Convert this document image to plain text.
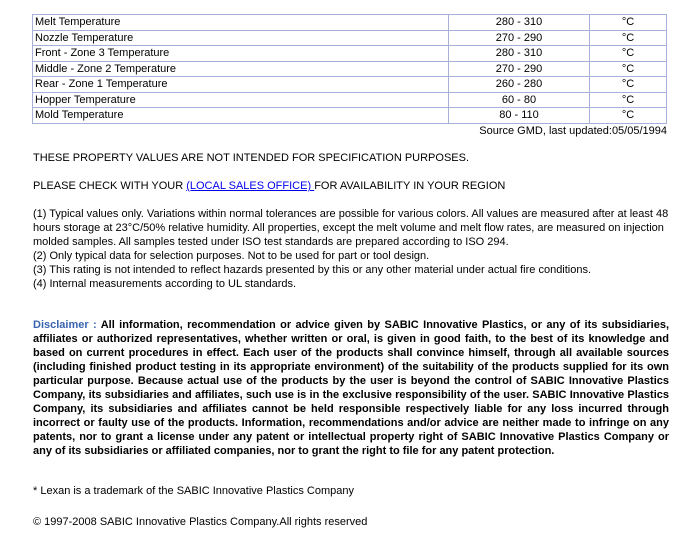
Melt Temperature	280 - 310	°C
Nozzle Temperature	270 - 290	°C
Front - Zone 3 Temperature	280 - 310	°C
Middle - Zone 2 Temperature	270 - 290	°C
Rear - Zone 1 Temperature	260 - 280	°C
Hopper Temperature	60 - 80	°C
Mold Temperature	80 - 110	°C
Source GMD, last updated:05/05/1994
THESE PROPERTY VALUES ARE NOT INTENDED FOR SPECIFICATION PURPOSES.
PLEASE CHECK WITH YOUR (LOCAL SALES OFFICE) FOR AVAILABILITY IN YOUR REGION

(1) Typical values only. Variations within normal tolerances are possible for various colors. All values are measured after at least 48 hours storage at 23°C/50% relative humidity. All properties, except the melt volume and melt flow rates, are measured on injection molded samples. All samples tested under ISO test standards are prepared according to ISO 294.

(2) Only typical data for selection purposes. Not to be used for part or tool design.

(3) This rating is not intended to reflect hazards presented by this or any other material under actual fire conditions.

(4) Internal measurements according to UL standards.

Disclaimer : All information, recommendation or advice given by SABIC Innovative Plastics, or any of its subsidiaries, affiliates or authorized representatives, whether written or oral, is given in good faith, to the best of its knowledge and based on current procedures in effect. Each user of the products shall convince himself, through all available sources (including finished product testing in its appropriate environment) of the suitability of the products supplied for its own particular purpose. Because actual use of the products by the user is beyond the control of SABIC Innovative Plastics Company, its subsidiaries and affiliates, such use is in the exclusive responsibility of the user. SABIC Innovative Plastics Company, its subsidiaries and affiliates cannot be held responsible respectively liable for any loss incurred through incorrect or faulty use of the products. Information, recommendations and/or advice are neither made to infringe on any patents, nor to grant a license under any patent or intellectual property right of SABIC Innovative Plastics Company or any of its subsidiaries or affiliated companies, nor to grant the right to file for any patent protection.
* Lexan is a trademark of the SABIC Innovative Plastics Company
© 1997-2008 SABIC Innovative Plastics Company.All rights reserved
